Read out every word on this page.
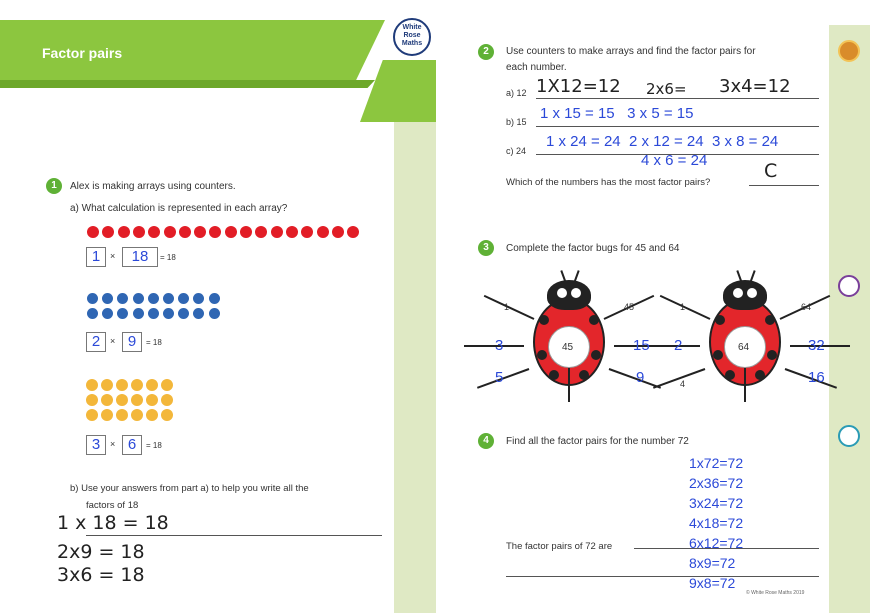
Factor pairs
White
Rose
Maths
1	Alex is making arrays using counters.
a) What calculation is represented in each array?
1	×	18	= 18
2	× 9	= 18
3	× 6	= 18
b) Use your answers from part a) to help you write all the
factors of 18
1 x 18 = 18
2x9 = 18
3x6 = 18
2	Use counters to make arrays and find the factor pairs for
each number.
a) 12 1X12=12 2x6= 3x4=12
b) 15 1 x 15 = 15   3 x 5 = 15
c) 24
1 x 24 = 24  2 x 12 = 24  3 x 8 = 24
4 x 6 = 24
Which of the numbers has the most factor pairs?
C
3	Complete the factor bugs for 45 and 64
4	Find all the factor pairs for the number 72
The factor pairs of 72 are
© White Rose Maths 2019
1	45
3	15
5	9
45
1	64
2	32
4	16
64
1x72=72
2x36=72
3x24=72
4x18=72
6x12=72
8x9=72
9x8=72
